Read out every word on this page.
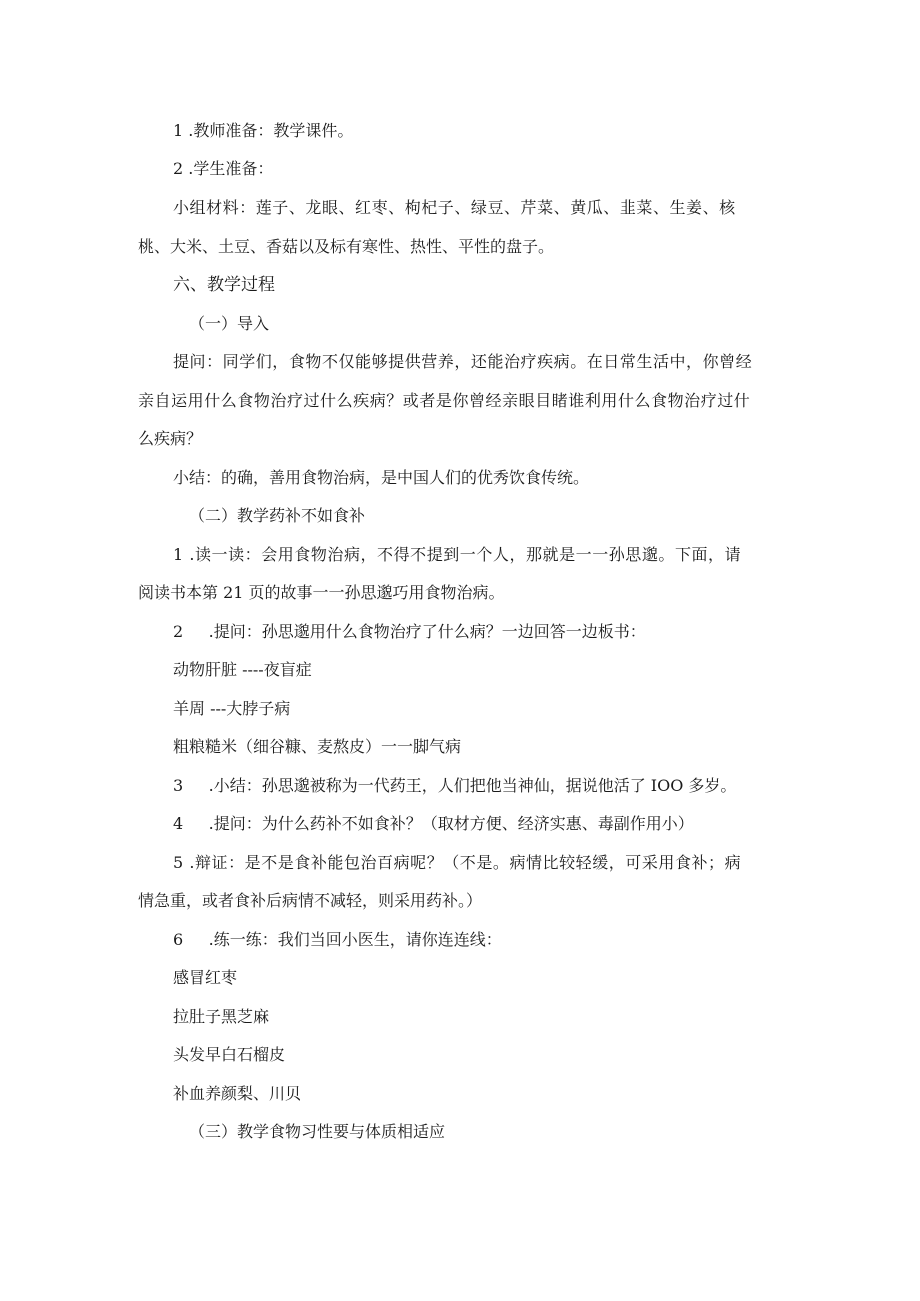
1 .教师准备：教学课件。
2 .学生准备：
小组材料：莲子、龙眼、红枣、枸杞子、绿豆、芹菜、黄瓜、韭菜、生姜、核
桃、大米、土豆、香菇以及标有寒性、热性、平性的盘子。
六、教学过程
（一）导入
提问：同学们，食物不仅能够提供营养，还能治疗疾病。在日常生活中，你曾经
亲自运用什么食物治疗过什么疾病？或者是你曾经亲眼目睹谁利用什么食物治疗过什
么疾病？
小结：的确，善用食物治病，是中国人们的优秀饮食传统。
（二）教学药补不如食补
1 .读一读：会用食物治病，不得不提到一个人，那就是一一孙思邈。下面，请
阅读书本第 21 页的故事一一孙思邈巧用食物治病。
2     .提问：孙思邈用什么食物治疗了什么病？一边回答一边板书：
动物肝脏 ----夜盲症
羊周 ---大脖子病
粗粮糙米（细谷糠、麦熬皮）一一脚气病
3     .小结：孙思邈被称为一代药王，人们把他当神仙，据说他活了 IOO 多岁。
4     .提问：为什么药补不如食补？（取材方便、经济实惠、毒副作用小）
5 .辩证：是不是食补能包治百病呢？（不是。病情比较轻缓，可采用食补；病
情急重，或者食补后病情不减轻，则采用药补。）
6     .练一练：我们当回小医生，请你连连线：
感冒红枣
拉肚子黑芝麻
头发早白石榴皮
补血养颜梨、川贝
（三）教学食物习性要与体质相适应
